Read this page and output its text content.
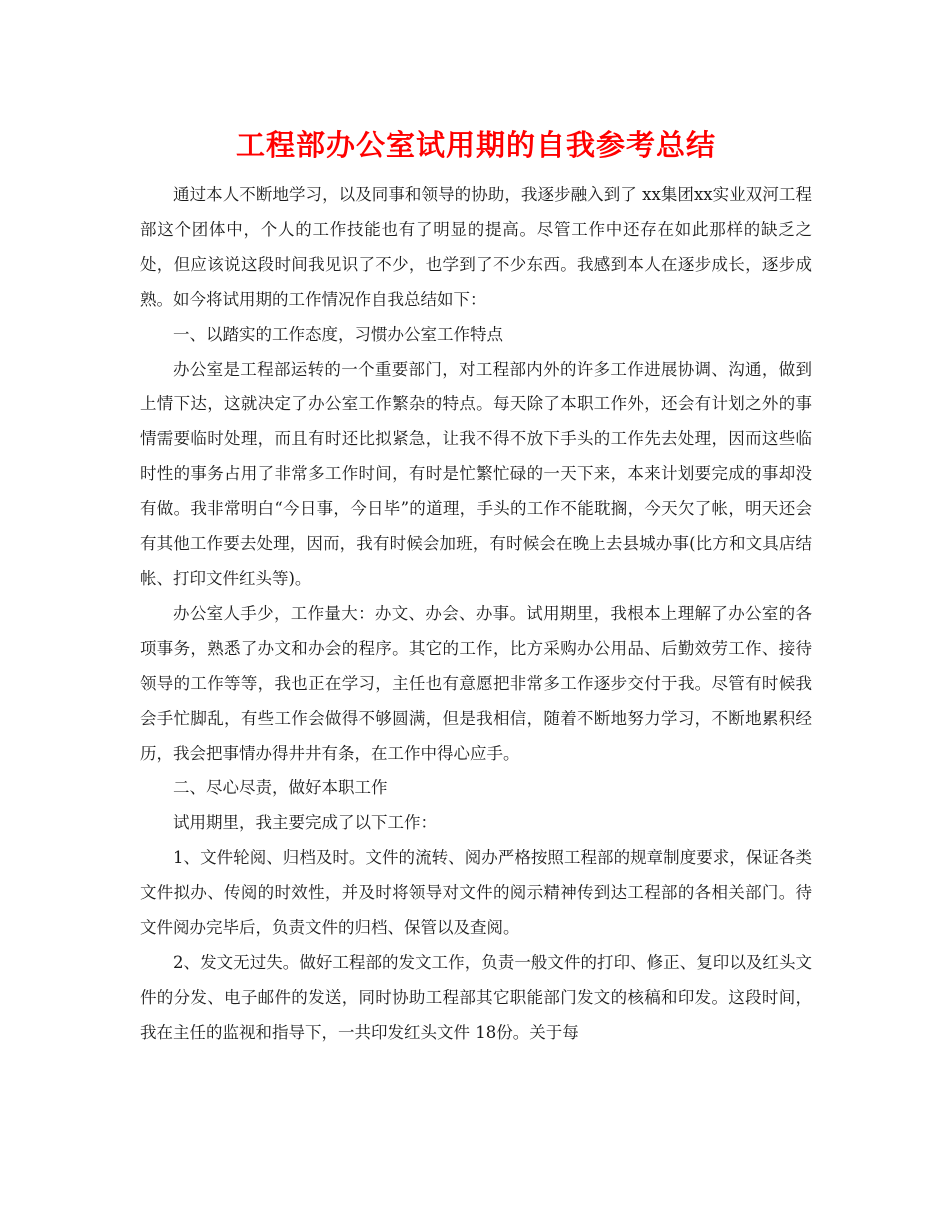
工程部办公室试用期的自我参考总结

通过本人不断地学习，以及同事和领导的协助，我逐步融入到了 xx集团xx实业双河工程部这个团体中，个人的工作技能也有了明显的提高。尽管工作中还存在如此那样的缺乏之处，但应该说这段时间我见识了不少，也学到了不少东西。我感到本人在逐步成长，逐步成熟。如今将试用期的工作情况作自我总结如下：

一、以踏实的工作态度，习惯办公室工作特点

办公室是工程部运转的一个重要部门，对工程部内外的许多工作进展协调、沟通，做到上情下达，这就决定了办公室工作繁杂的特点。每天除了本职工作外，还会有计划之外的事情需要临时处理，而且有时还比拟紧急，让我不得不放下手头的工作先去处理，因而这些临时性的事务占用了非常多工作时间，有时是忙繁忙碌的一天下来，本来计划要完成的事却没有做。我非常明白“今日事，今日毕”的道理，手头的工作不能耽搁，今天欠了帐，明天还会有其他工作要去处理，因而，我有时候会加班，有时候会在晚上去县城办事(比方和文具店结帐、打印文件红头等)。

办公室人手少，工作量大：办文、办会、办事。试用期里，我根本上理解了办公室的各项事务，熟悉了办文和办会的程序。其它的工作，比方采购办公用品、后勤效劳工作、接待领导的工作等等，我也正在学习，主任也有意愿把非常多工作逐步交付于我。尽管有时候我会手忙脚乱，有些工作会做得不够圆满，但是我相信，随着不断地努力学习，不断地累积经历，我会把事情办得井井有条，在工作中得心应手。

二、尽心尽责，做好本职工作

试用期里，我主要完成了以下工作：

1、文件轮阅、归档及时。文件的流转、阅办严格按照工程部的规章制度要求，保证各类文件拟办、传阅的时效性，并及时将领导对文件的阅示精神传到达工程部的各相关部门。待文件阅办完毕后，负责文件的归档、保管以及查阅。

2、发文无过失。做好工程部的发文工作，负责一般文件的打印、修正、复印以及红头文件的分发、电子邮件的发送，同时协助工程部其它职能部门发文的核稿和印发。这段时间，我在主任的监视和指导下，一共印发红头文件 18份。关于每
